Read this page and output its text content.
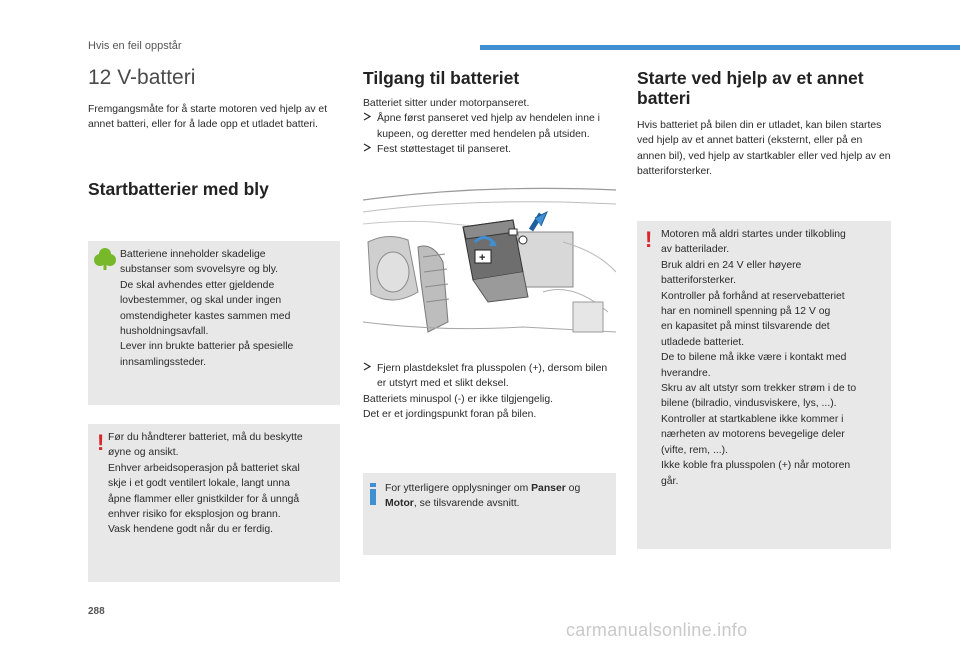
Hvis en feil oppstår
12 V-batteri
Fremgangsmåte for å starte motoren ved hjelp av et annet batteri, eller for å lade opp et utladet batteri.
Startbatterier med bly
Batteriene inneholder skadelige
substanser som svovelsyre og bly.
De skal avhendes etter gjeldende
lovbestemmer, og skal under ingen
omstendigheter kastes sammen med
husholdningsavfall.
Lever inn brukte batterier på spesielle
innsamlingssteder.
! Før du håndterer batteriet, må du beskytte
øyne og ansikt.
Enhver arbeidsoperasjon på batteriet skal
skje i et godt ventilert lokale, langt unna
åpne flammer eller gnistkilder for å unngå
enhver risiko for eksplosjon og brann.
Vask hendene godt når du er ferdig.
Tilgang til batteriet
Batteriet sitter under motorpanseret.
Åpne først panseret ved hjelp av hendelen inne i kupeen, og deretter med hendelen på utsiden.
Fest støttestaget til panseret.
+
Fjern plastdekslet fra plusspolen (+), dersom bilen er utstyrt med et slikt deksel.
Batteriets minuspol (-) er ikke tilgjengelig.
Det er et jordingspunkt foran på bilen.
For ytterligere opplysninger om Panser og Motor, se tilsvarende avsnitt.
Starte ved hjelp av et annet batteri
Hvis batteriet på bilen din er utladet, kan bilen startes ved hjelp av et annet batteri (eksternt, eller på en annen bil), ved hjelp av startkabler eller ved hjelp av en batteriforsterker.
! Motoren må aldri startes under tilkobling
av batterilader.
Bruk aldri en 24 V eller høyere
batteriforsterker.
Kontroller på forhånd at reservebatteriet
har en nominell spenning på 12 V og
en kapasitet på minst tilsvarende det
utladede batteriet.
De to bilene må ikke være i kontakt med
hverandre.
Skru av alt utstyr som trekker strøm i de to
bilene (bilradio, vindusviskere, lys, ...).
Kontroller at startkablene ikke kommer i
nærheten av motorens bevegelige deler
(vifte, rem, ...).
Ikke koble fra plusspolen (+) når motoren
går.
288
carmanualsonline.info
